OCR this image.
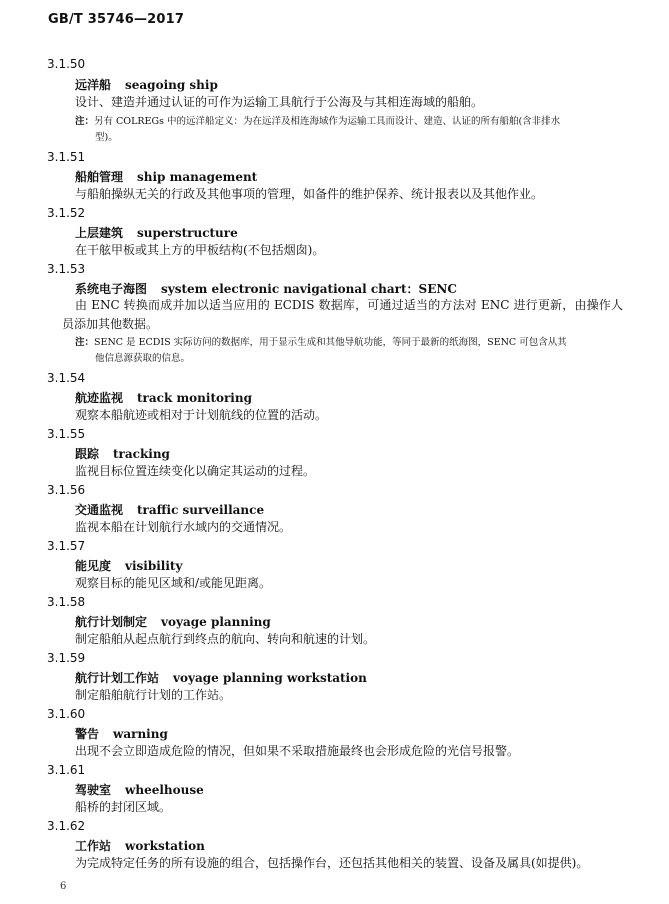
GB/T 35746—2017
3.1.50
远洋船 seagoing ship
设计、建造并通过认证的可作为运输工具航行于公海及与其相连海域的船舶。
注：另有 COLREGs 中的远洋船定义：为在远洋及相连海域作为运输工具而设计、建造、认证的所有船舶(含非排水
型)。
3.1.51
船舶管理 ship management
与船舶操纵无关的行政及其他事项的管理，如备件的维护保养、统计报表以及其他作业。
3.1.52
上层建筑 superstructure
在干舷甲板或其上方的甲板结构(不包括烟囱)。
3.1.53
系统电子海图 system electronic navigational chart：SENC
由 ENC 转换而成并加以适当应用的 ECDIS 数据库，可通过适当的方法对 ENC 进行更新，由操作人员添加其他数据。
注：SENC 是 ECDIS 实际访问的数据库，用于显示生成和其他导航功能，等同于最新的纸海图，SENC 可包含从其
他信息源获取的信息。
3.1.54
航迹监视 track monitoring
观察本船航迹或相对于计划航线的位置的活动。
3.1.55
跟踪 tracking
监视目标位置连续变化以确定其运动的过程。
3.1.56
交通监视 traffic surveillance
监视本船在计划航行水域内的交通情况。
3.1.57
能见度 visibility
观察目标的能见区域和/或能见距离。
3.1.58
航行计划制定 voyage planning
制定船舶从起点航行到终点的航向、转向和航速的计划。
3.1.59
航行计划工作站 voyage planning workstation
制定船舶航行计划的工作站。
3.1.60
警告 warning
出现不会立即造成危险的情况，但如果不采取措施最终也会形成危险的光信号报警。
3.1.61
驾驶室 wheelhouse
船桥的封闭区域。
3.1.62
工作站 workstation
为完成特定任务的所有设施的组合，包括操作台，还包括其他相关的装置、设备及属具(如提供)。
6
